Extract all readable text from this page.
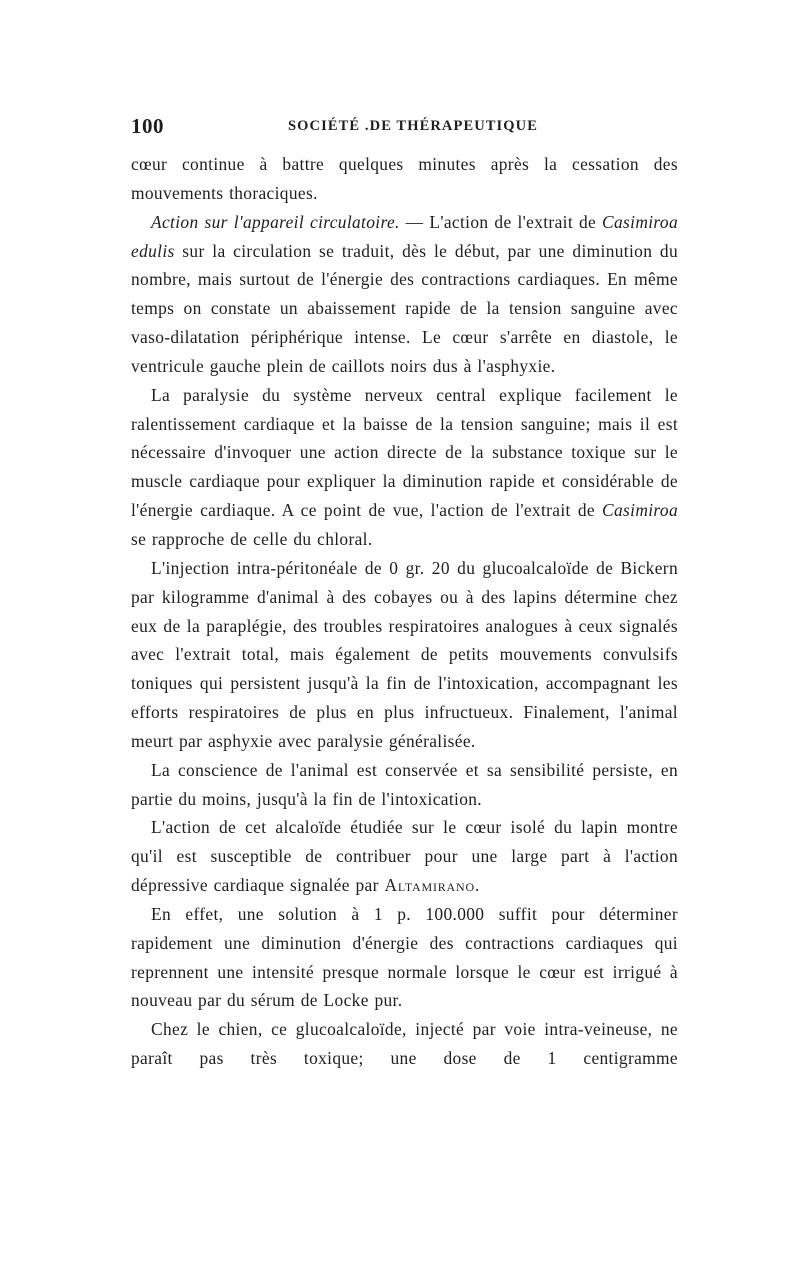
100	SOCIÉTÉ .DE THÉRAPEUTIQUE

cœur continue à battre quelques minutes après la cessation des mouvements thoraciques.

Action sur l'appareil circulatoire. — L'action de l'extrait de Casimiroa edulis sur la circulation se traduit, dès le début, par une diminution du nombre, mais surtout de l'énergie des contractions cardiaques. En même temps on constate un abaissement rapide de la tension sanguine avec vaso-dilatation périphérique intense. Le cœur s'arrête en diastole, le ventricule gauche plein de caillots noirs dus à l'asphyxie.

La paralysie du système nerveux central explique facilement le ralentissement cardiaque et la baisse de la tension sanguine; mais il est nécessaire d'invoquer une action directe de la substance toxique sur le muscle cardiaque pour expliquer la diminution rapide et considérable de l'énergie cardiaque. A ce point de vue, l'action de l'extrait de Casimiroa se rapproche de celle du chloral.

L'injection intra-péritonéale de 0 gr. 20 du glucoalcaloïde de Bickern par kilogramme d'animal à des cobayes ou à des lapins détermine chez eux de la paraplégie, des troubles respiratoires analogues à ceux signalés avec l'extrait total, mais également de petits mouvements convulsifs toniques qui persistent jusqu'à la fin de l'intoxication, accompagnant les efforts respiratoires de plus en plus infructueux. Finalement, l'animal meurt par asphyxie avec paralysie généralisée.

La conscience de l'animal est conservée et sa sensibilité persiste, en partie du moins, jusqu'à la fin de l'intoxication.

L'action de cet alcaloïde étudiée sur le cœur isolé du lapin montre qu'il est susceptible de contribuer pour une large part à l'action dépressive cardiaque signalée par Altamirano.

En effet, une solution à 1 p. 100.000 suffit pour déterminer rapidement une diminution d'énergie des contractions cardiaques qui reprennent une intensité presque normale lorsque le cœur est irrigué à nouveau par du sérum de Locke pur.

Chez le chien, ce glucoalcaloïde, injecté par voie intra-veineuse, ne paraît pas très toxique; une dose de 1 centigramme
